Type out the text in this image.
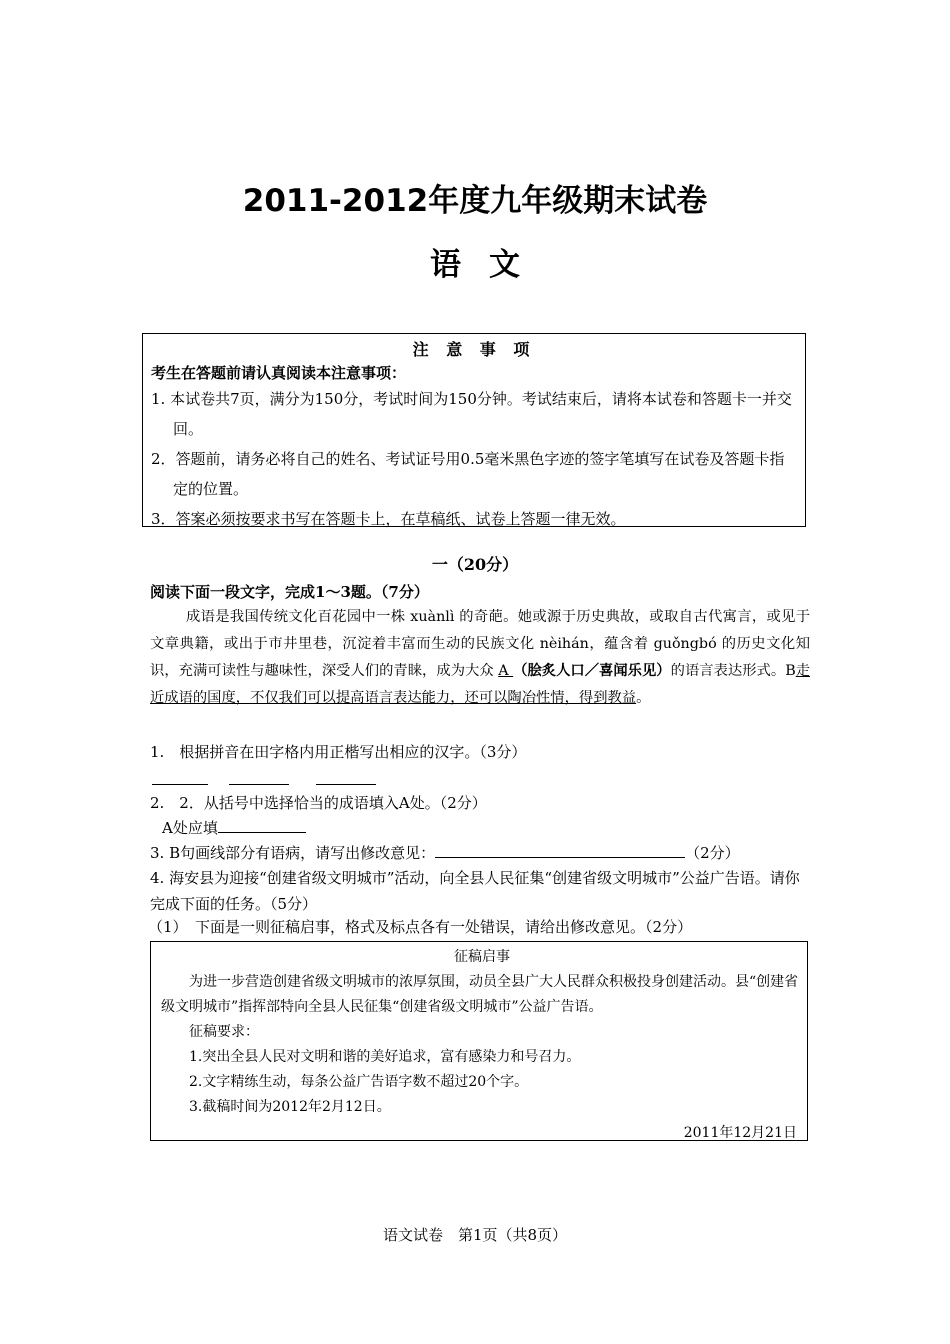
2011-2012年度九年级期末试卷
语 文
注 意 事 项
考生在答题前请认真阅读本注意事项：
1. 本试卷共7页，满分为150分，考试时间为150分钟。考试结束后，请将本试卷和答题卡一并交回。
2．答题前，请务必将自己的姓名、考试证号用0.5毫米黑色字迹的签字笔填写在试卷及答题卡指定的位置。
3．答案必须按要求书写在答题卡上，在草稿纸、试卷上答题一律无效。
一（20分）
阅读下面一段文字，完成1～3题。（7分）
成语是我国传统文化百花园中一株 xuànlì 的奇葩。她或源于历史典故，或取自古代寓言，或见于文章典籍，或出于市井里巷，沉淀着丰富而生动的民族文化 nèihán，蕴含着 guǒngbó 的历史文化知识，充满可读性与趣味性，深受人们的青睐，成为大众 A （脍炙人口／喜闻乐见）的语言表达形式。B走近成语的国度，不仅我们可以提高语言表达能力，还可以陶冶性情，得到教益。
1.　根据拼音在田字格内用正楷写出相应的汉字。（3分）

2.　2．从括号中选择恰当的成语填入A处。（2分）
A处应填
3. B句画线部分有语病，请写出修改意见：	（2分）
4. 海安县为迎接“创建省级文明城市”活动，向全县人民征集“创建省级文明城市”公益广告语。请你完成下面的任务。（5分）
（1）　下面是一则征稿启事，格式及标点各有一处错误，请给出修改意见。（2分）
征稿启事
为进一步营造创建省级文明城市的浓厚氛围，动员全县广大人民群众积极投身创建活动。县“创建省级文明城市”指挥部特向全县人民征集“创建省级文明城市”公益广告语。
征稿要求：
1.突出全县人民对文明和谐的美好追求，富有感染力和号召力。
2.文字精练生动，每条公益广告语字数不超过20个字。
3.截稿时间为2012年2月12日。
2011年12月21日
语文试卷　第1页（共8页）
